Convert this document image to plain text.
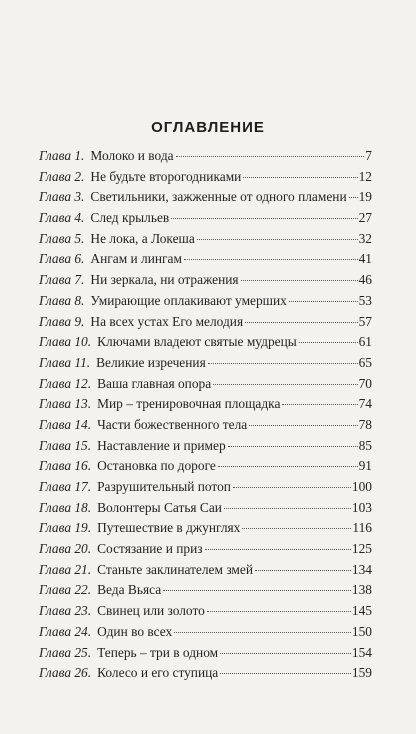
ОГЛАВЛЕНИЕ
Глава 1. Молоко и вода	7
Глава 2. Не будьте второгодниками	12
Глава 3. Светильники, зажженные от одного пламени 19
Глава 4. След крыльев	27
Глава 5. Не лока, а Локеша	32
Глава 6. Ангам и лингам	41
Глава 7. Ни зеркала, ни отражения	46
Глава 8. Умирающие оплакивают умерших	53
Глава 9. На всех устах Его мелодия	57
Глава 10. Ключами владеют святые мудрецы	61
Глава 11. Великие изречения	65
Глава 12. Ваша главная опора	70
Глава 13. Мир – тренировочная площадка	74
Глава 14. Части божественного тела	78
Глава 15. Наставление и пример	85
Глава 16. Остановка по дороге	91
Глава 17. Разрушительный потоп	100
Глава 18. Волонтеры Сатья Саи	103
Глава 19. Путешествие в джунглях	116
Глава 20. Состязание и приз	125
Глава 21. Станьте заклинателем змей	134
Глава 22. Веда Вьяса	138
Глава 23. Свинец или золото	145
Глава 24. Один во всех	150
Глава 25. Теперь – три в одном	154
Глава 26. Колесо и его ступица	159
